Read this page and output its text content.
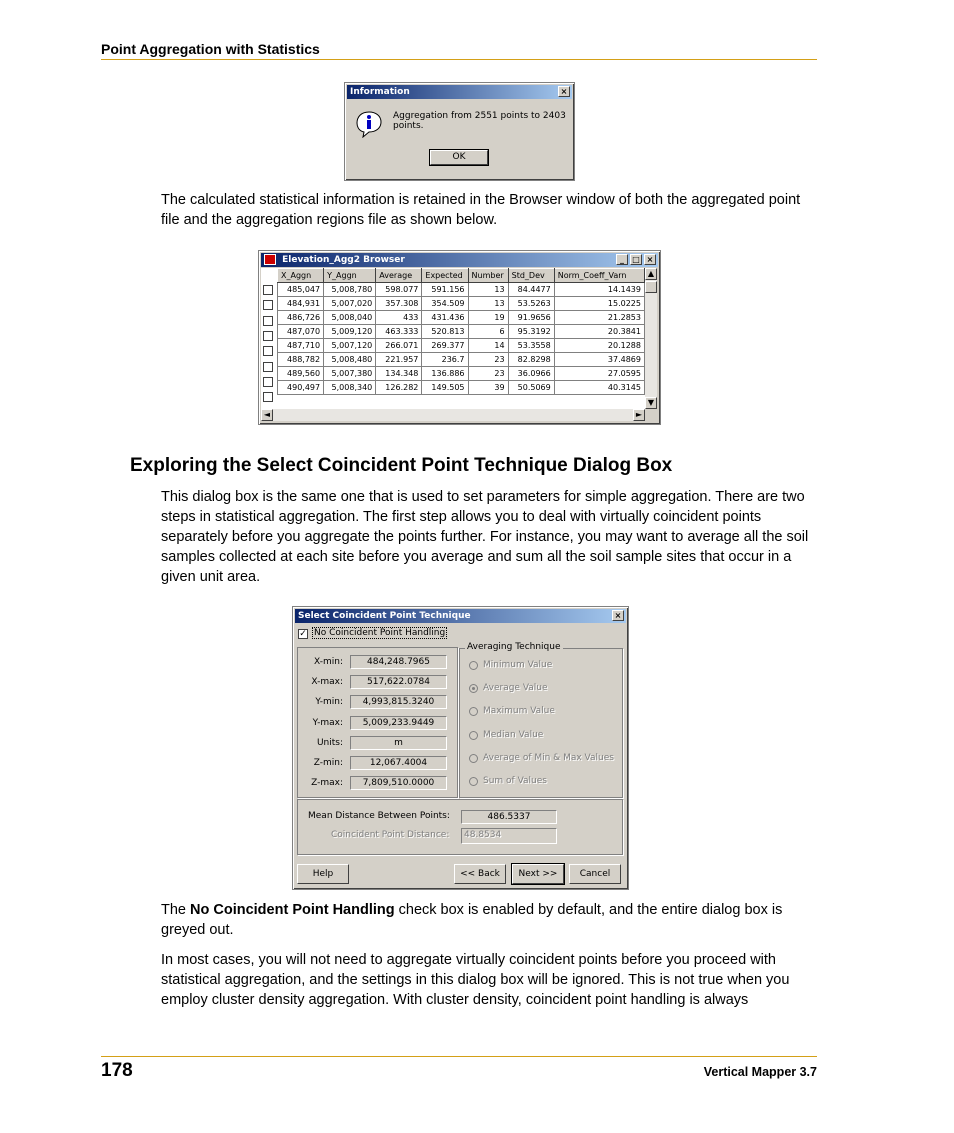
Point Aggregation with Statistics
Information	×
Aggregation from 2551 points to 2403 points.
OK
The calculated statistical information is retained in the Browser window of both the aggregated point file and the aggregation regions file as shown below.
Elevation_Agg2 Browser	_	□ ×
X_Aggn	Y_Aggn	Average	Expected	Number	Std_Dev	Norm_Coeff_Varn
485,047	5,008,780	598.077	591.156	13	84.4477	14.1439
484,931	5,007,020	357.308	354.509	13	53.5263	15.0225
486,726	5,008,040	433	431.436	19	91.9656	21.2853
487,070	5,009,120	463.333	520.813	6	95.3192	20.3841
487,710	5,007,120	266.071	269.377	14	53.3558	20.1288
488,782	5,008,480	221.957	236.7	23	82.8298	37.4869
489,560	5,007,380	134.348	136.886	23	36.0966	27.0595
490,497	5,008,340	126.282	149.505	39	50.5069	40.3145
▲
▼
◄	►
Exploring the Select Coincident Point Technique Dialog Box
This dialog box is the same one that is used to set parameters for simple aggregation. There are two steps in statistical aggregation. The first step allows you to deal with virtually coincident points separately before you aggregate the points further. For instance, you may want to average all the soil samples collected at each site before you average and sum all the soil sample sites that occur in a given unit area.
Select Coincident Point Technique	×
✓ No Coincident Point Handling
Averaging Technique
Mean Distance Between Points:	486.5337
Coincident Point Distance:	48.8534
Help	<< Back	Next >>	Cancel
X-min:	484,248.7965
X-max:	517,622.0784
Y-min:	4,993,815.3240
Y-max:	5,009,233.9449
Units:	m
Z-min:	12,067.4004
Z-max:	7,809,510.0000
Minimum Value
Average Value
Maximum Value
Median Value
Average of Min & Max Values
Sum of Values
The No Coincident Point Handling check box is enabled by default, and the entire dialog box is greyed out.
In most cases, you will not need to aggregate virtually coincident points before you proceed with statistical aggregation, and the settings in this dialog box will be ignored. This is not true when you employ cluster density aggregation. With cluster density, coincident point handling is always
178	Vertical Mapper 3.7
